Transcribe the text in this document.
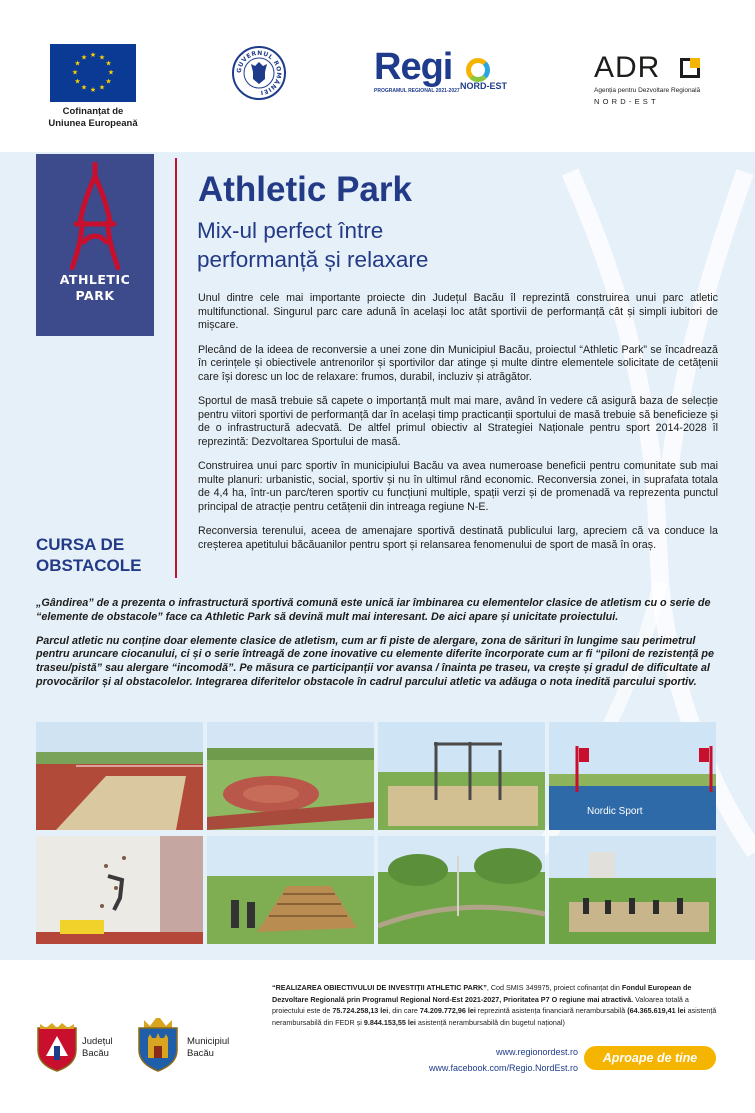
★ ★
★
★
★
★
★
★
★
★
★
★
Cofinanțat de
Uniunea Europeană
GUVERNUL ROMÂNIEI
Regi
PROGRAMUL REGIONAL 2021-2027 NORD-EST
ADR
Agenția pentru Dezvoltare Regională
NORD-EST
ATHLETIC
PARK
Athletic Park
Mix-ul perfect între
performanță și relaxare
CURSA DE
OBSTACOLE

Unul dintre cele mai importante proiecte din Județul Bacău îl reprezintă construirea unui parc atletic multifunctional. Singurul parc care adună în același loc atât sportivii de performanță cât și simpli iubitori de mișcare.

Plecând de la ideea de reconversie a unei zone din Municipiul Bacău, proiectul “Athletic Park” se încadrează în cerințele și obiectivele antrenorilor și sportivilor dar atinge și multe dintre elementele solicitate de cetățenii care își doresc un loc de relaxare: frumos, durabil, incluziv și atrăgător.

Sportul de masă trebuie să capete o importanță mult mai mare, având în vedere că asigură baza de selecție pentru viitori sportivi de performanță dar în același timp practicanții sportului de masă trebuie să beneficieze și de o infrastructură adecvată. De altfel primul obiectiv al Strategiei Naționale pentru sport 2014-2028 îl reprezintă: Dezvoltarea Sportului de masă.

Construirea unui parc sportiv în municipiului Bacău va avea numeroase beneficii pentru comunitate sub mai multe planuri: urbanistic, social, sportiv și nu în ultimul rând economic. Reconversia zonei, in suprafata totala de 4,4 ha, într-un parc/teren sportiv cu funcțiuni multiple, spații verzi și de promenadă va reprezenta punctul principal de atracție pentru cetățenii din intreaga regiune N-E.

Reconversia terenului, aceea de amenajare sportivă destinată publicului larg, apreciem că va conduce la creșterea apetitului băcăuanilor pentru sport și relansarea fenomenului de sport de masă în oraș.

„Gândirea” de a prezenta o infrastructură sportivă comună este unică iar îmbinarea cu elementelor clasice de atletism cu o serie de “elemente de obstacole” face ca Athletic Park să devină mult mai interesant. De aici apare și unicitate proiectului.

Parcul atletic nu conține doar elemente clasice de atletism, cum ar fi piste de alergare, zona de sărituri în lungime sau perimetrul pentru aruncare ciocanului, ci și o serie întreagă de zone inovative cu elemente diferite încorporate cum ar fi “piloni de rezistență pe traseu/pistă” sau alergare “incomodă”. Pe măsura ce participanții vor avansa / înainta pe traseu, va crește și gradul de dificultate al provocărilor și al obstacolelor. Integrarea diferitelor obstacole în cadrul parcului atletic va adăuga o nota inedită parcului sportiv.

Nordic Sport
“REALIZAREA OBIECTIVULUI DE INVESTIȚII ATHLETIC PARK”, Cod SMIS 349975, proiect cofinanțat din Fondul European de Dezvoltare Regională prin Programul Regional Nord-Est 2021-2027, Prioritatea P7 O regiune mai atractivă. Valoarea totală a proiectului este de 75.724.258,13 lei, din care 74.209.772,96 lei reprezintă asistența financiară nerambursabilă (64.365.619,41 lei asistență nerambursabilă din FEDR și 9.844.153,55 lei asistență nerambursabilă din bugetul național)
Județul
Bacău
Municipiul
Bacău	www.regionordest.ro
www.facebook.com/Regio.NordEst.ro
Aproape de tine
